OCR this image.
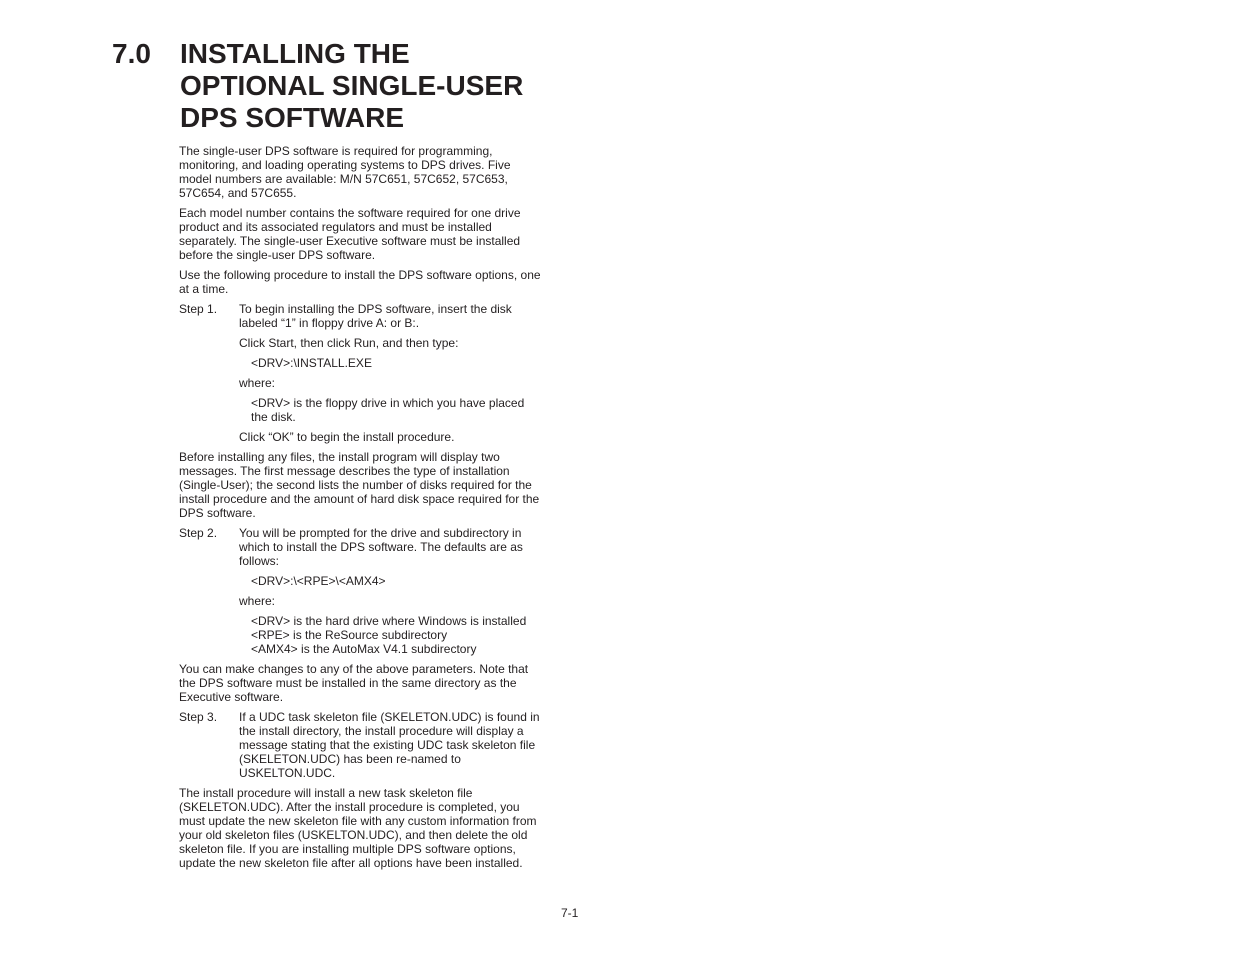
7.0	INSTALLING THE
OPTIONAL SINGLE-USER
DPS SOFTWARE
The single-user DPS software is required for programming,
monitoring, and loading operating systems to DPS drives. Five
model numbers are available: M/N 57C651, 57C652, 57C653,
57C654, and 57C655.
Each model number contains the software required for one drive
product and its associated regulators and must be installed
separately. The single-user Executive software must be installed
before the single-user DPS software.
Use the following procedure to install the DPS software options, one
at a time.
Step 1.	To begin installing the DPS software, insert the disk
labeled “1” in floppy drive A: or B:.
Click Start, then click Run, and then type:
<DRV>:\INSTALL.EXE
where:
<DRV> is the floppy drive in which you have placed
the disk.
Click “OK” to begin the install procedure.
Before installing any files, the install program will display two
messages. The first message describes the type of installation
(Single-User); the second lists the number of disks required for the
install procedure and the amount of hard disk space required for the
DPS software.
Step 2.	You will be prompted for the drive and subdirectory in
which to install the DPS software. The defaults are as
follows:
<DRV>:\<RPE>\<AMX4>
where:
<DRV> is the hard drive where Windows is installed
<RPE> is the ReSource subdirectory
<AMX4> is the AutoMax V4.1 subdirectory
You can make changes to any of the above parameters. Note that
the DPS software must be installed in the same directory as the
Executive software.
Step 3.	If a UDC task skeleton file (SKELETON.UDC) is found in
the install directory, the install procedure will display a
message stating that the existing UDC task skeleton file
(SKELETON.UDC) has been re-named to
USKELTON.UDC.
The install procedure will install a new task skeleton file
(SKELETON.UDC). After the install procedure is completed, you
must update the new skeleton file with any custom information from
your old skeleton files (USKELTON.UDC), and then delete the old
skeleton file. If you are installing multiple DPS software options,
update the new skeleton file after all options have been installed.
7-1
